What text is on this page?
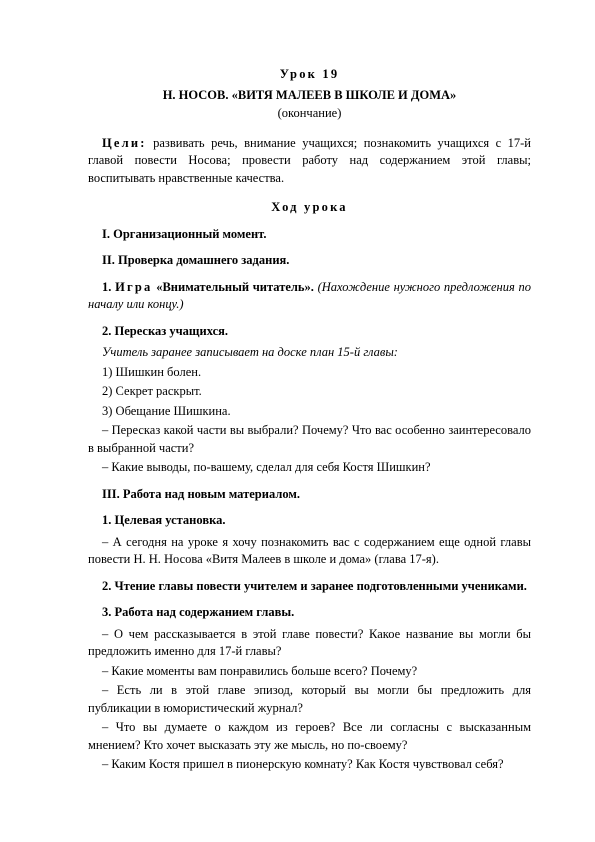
Урок 19

Н. НОСОВ. «ВИТЯ МАЛЕЕВ В ШКОЛЕ И ДОМА»

(окончание)

Цели: развивать речь, внимание учащихся; познакомить учащихся с 17-й главой повести Носова; провести работу над содержанием этой главы; воспитывать нравственные качества.

Ход урока

I. Организационный момент.

II. Проверка домашнего задания.

1. Игра «Внимательный читатель». (Нахождение нужного предложения по началу или концу.)

2. Пересказ учащихся.

Учитель заранее записывает на доске план 15-й главы:

1) Шишкин болен.

2) Секрет раскрыт.

3) Обещание Шишкина.

– Пересказ какой части вы выбрали? Почему? Что вас особенно заинтересовало в выбранной части?

– Какие выводы, по-вашему, сделал для себя Костя Шишкин?

III. Работа над новым материалом.

1. Целевая установка.

– А сегодня на уроке я хочу познакомить вас с содержанием еще одной главы повести Н. Н. Носова «Витя Малеев в школе и дома» (глава 17-я).

2. Чтение главы повести учителем и заранее подготовленными учениками.

3. Работа над содержанием главы.

– О чем рассказывается в этой главе повести? Какое название вы могли бы предложить именно для 17-й главы?

– Какие моменты вам понравились больше всего? Почему?

– Есть ли в этой главе эпизод, который вы могли бы предложить для публикации в юмористический журнал?

– Что вы думаете о каждом из героев? Все ли согласны с высказанным мнением? Кто хочет высказать эту же мысль, но по-своему?

– Каким Костя пришел в пионерскую комнату? Как Костя чувствовал себя?
